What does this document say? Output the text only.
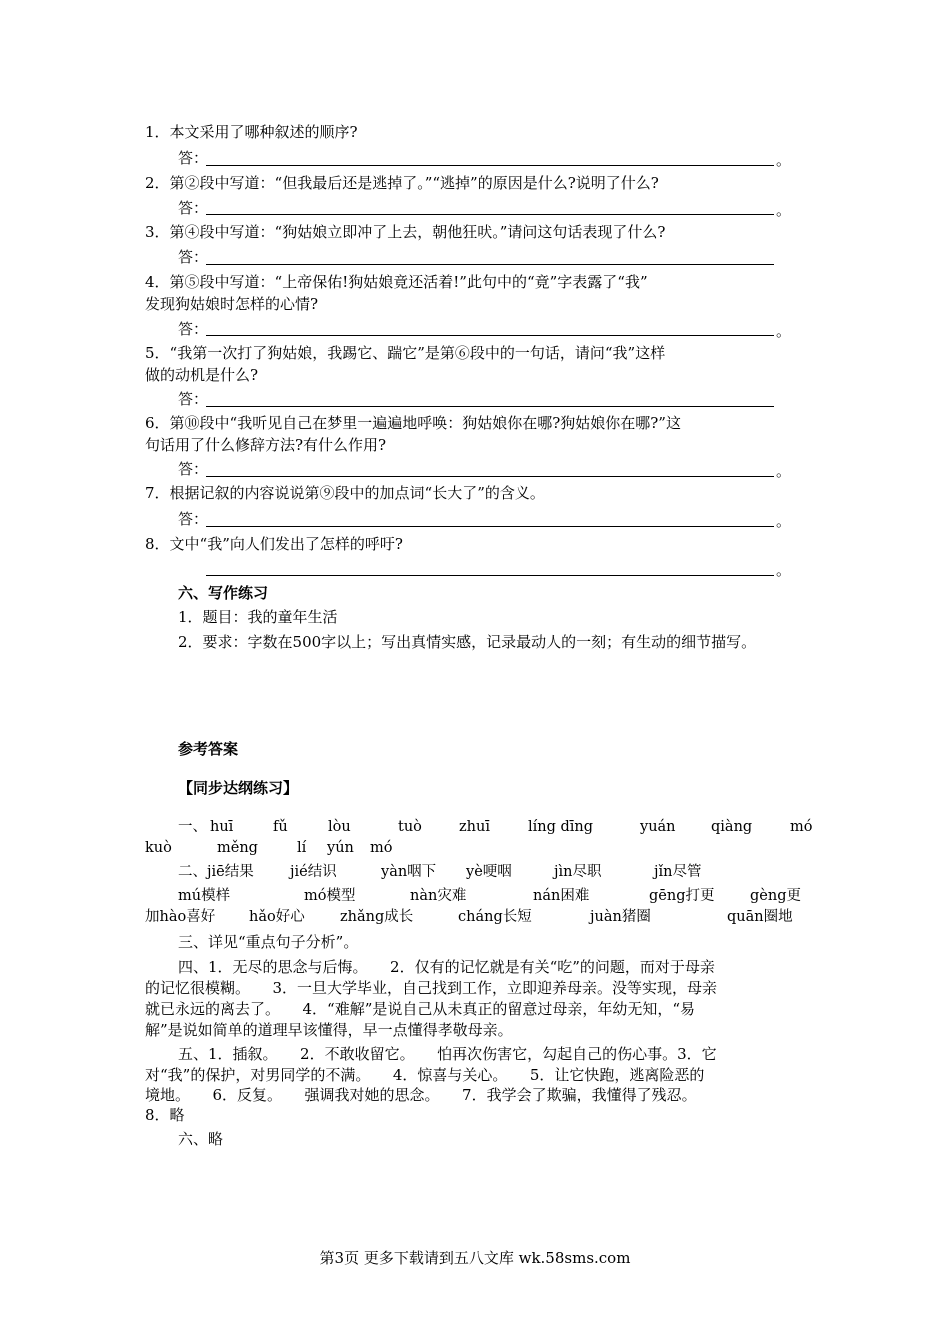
1．本文采用了哪种叙述的顺序?
答：	。
2．第②段中写道：“但我最后还是逃掉了。”“逃掉”的原因是什么?说明了什么?
答：	。
3．第④段中写道：“狗姑娘立即冲了上去，朝他狂吠。”请问这句话表现了什么?
答：
4．第⑤段中写道：“上帝保佑!狗姑娘竟还活着!”此句中的“竟”字表露了“我”
发现狗姑娘时怎样的心情?
答：	。
5．“我第一次打了狗姑娘，我踢它、踹它”是第⑥段中的一句话，请问“我”这样
做的动机是什么?
答：
6．第⑩段中“我听见自己在梦里一遍遍地呼唤：狗姑娘你在哪?狗姑娘你在哪?”这
句话用了什么修辞方法?有什么作用?
答：	。
7．根据记叙的内容说说第⑨段中的加点词“长大了”的含义。
答：	。
8．文中“我”向人们发出了怎样的呼吁?
。
六、写作练习
1．题目：我的童年生活
2．要求：字数在500字以上；写出真情实感，记录最动人的一刻；有生动的细节描写。
参考答案
【同步达纲练习】
一、 huī	fǔ	lòu	tuò	zhuī	líng dīng	yuán qiàng	mó
kuò	měng	lí yún mó
二、jiē结果	jié结识	yàn咽下 yè哽咽	jìn尽职	jǐn尽管
mú模样	mó模型	nàn灾难	nán困难	gēng打更 gèng更
加hào喜好 hǎo好心 zhǎng成长	cháng长短	juàn猪圈	quān圈地
三、详见“重点句子分析”。
四、1．无尽的思念与后悔。　　2．仅有的记忆就是有关“吃”的问题，而对于母亲
的记忆很模糊。　　3．一旦大学毕业，自己找到工作，立即迎养母亲。没等实现，母亲
就已永远的离去了。　　4．“难解”是说自己从未真正的留意过母亲，年幼无知，“易
解”是说如简单的道理早该懂得，早一点懂得孝敬母亲。
五、1．插叙。　　2．不敢收留它。　　怕再次伤害它，勾起自己的伤心事。3．它
对“我”的保护，对男同学的不满。　　4．惊喜与关心。　　5．让它快跑，逃离险恶的
境地。　　6．反复。　　强调我对她的思念。　　7．我学会了欺骗，我懂得了残忍。
8．略
六、略
第3页 更多下载请到五八文库 wk.58sms.com
